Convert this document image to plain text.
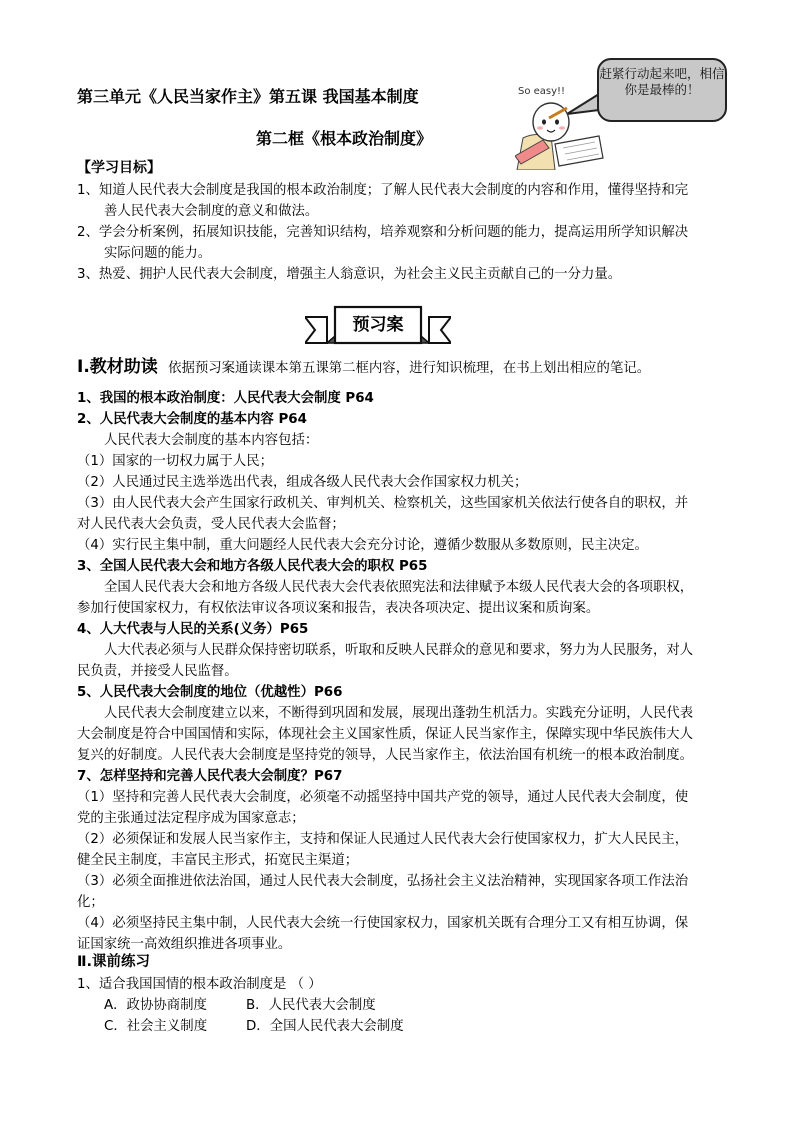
第三单元《人民当家作主》第五课 我国基本制度
第二框《根本政治制度》
赶紧行动起来吧，相信你是最棒的！
So easy!!
【学习目标】
1、知道人民代表大会制度是我国的根本政治制度；了解人民代表大会制度的内容和作用，懂得坚持和完
善人民代表大会制度的意义和做法。
2、学会分析案例，拓展知识技能，完善知识结构，培养观察和分析问题的能力，提高运用所学知识解决
实际问题的能力。
3、热爱、拥护人民代表大会制度，增强主人翁意识，为社会主义民主贡献自己的一分力量。
预习案
Ⅰ.教材助读 依据预习案通读课本第五课第二框内容，进行知识梳理，在书上划出相应的笔记。
1、我国的根本政治制度：人民代表大会制度 P64
2、人民代表大会制度的基本内容 P64
人民代表大会制度的基本内容包括：
（1）国家的一切权力属于人民；
（2）人民通过民主选举选出代表，组成各级人民代表大会作国家权力机关；
（3）由人民代表大会产生国家行政机关、审判机关、检察机关，这些国家机关依法行使各自的职权，并
对人民代表大会负责，受人民代表大会监督；
（4）实行民主集中制，重大问题经人民代表大会充分讨论，遵循少数服从多数原则，民主决定。
3、全国人民代表大会和地方各级人民代表大会的职权 P65
全国人民代表大会和地方各级人民代表大会代表依照宪法和法律赋予本级人民代表大会的各项职权，
参加行使国家权力，有权依法审议各项议案和报告，表决各项决定、提出议案和质询案。
4、人大代表与人民的关系(义务）P65
人大代表必须与人民群众保持密切联系，听取和反映人民群众的意见和要求，努力为人民服务，对人
民负责，并接受人民监督。
5、人民代表大会制度的地位（优越性）P66
人民代表大会制度建立以来，不断得到巩固和发展，展现出蓬勃生机活力。实践充分证明，人民代表
大会制度是符合中国国情和实际，体现社会主义国家性质，保证人民当家作主，保障实现中华民族伟大人
复兴的好制度。人民代表大会制度是坚持党的领导，人民当家作主，依法治国有机统一的根本政治制度。
7、怎样坚持和完善人民代表大会制度？P67
（1）坚持和完善人民代表大会制度，必须毫不动摇坚持中国共产党的领导，通过人民代表大会制度，使
党的主张通过法定程序成为国家意志；
（2）必须保证和发展人民当家作主，支持和保证人民通过人民代表大会行使国家权力，扩大人民民主，
健全民主制度，丰富民主形式，拓宽民主渠道；
（3）必须全面推进依法治国，通过人民代表大会制度，弘扬社会主义法治精神，实现国家各项工作法治
化；
（4）必须坚持民主集中制，人民代表大会统一行使国家权力，国家机关既有合理分工又有相互协调，保
证国家统一高效组织推进各项事业。
Ⅱ.课前练习
1、适合我国国情的根本政治制度是 （ ）
A．政协协商制度	B．人民代表大会制度
C．社会主义制度	D．全国人民代表大会制度
